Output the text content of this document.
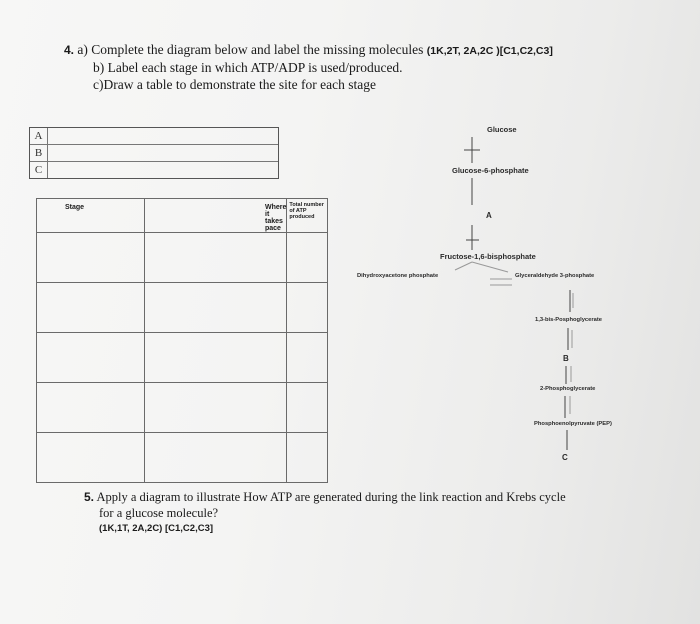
4. a) Complete the diagram below and label the missing molecules (1K,2T, 2A,2C )[C1,C2,C3]
b) Label each stage in which ATP/ADP is used/produced.
c)Draw a table to demonstrate the site for each stage
A
B
C
Stage	Where it takes pace	Total number of ATP produced

Glucose
Glucose-6-phosphate
A
Fructose-1,6-bisphosphate
Dihydroxyacetone phosphate	Glyceraldehyde 3-phosphate
1,3-bis-Posphoglycerate
B
2-Phosphoglycerate
Phosphoenolpyruvate (PEP)
C
5. Apply a diagram to illustrate How ATP are generated during the link reaction and Krebs cycle
for a glucose molecule?
(1K,1T, 2A,2C) [C1,C2,C3]
